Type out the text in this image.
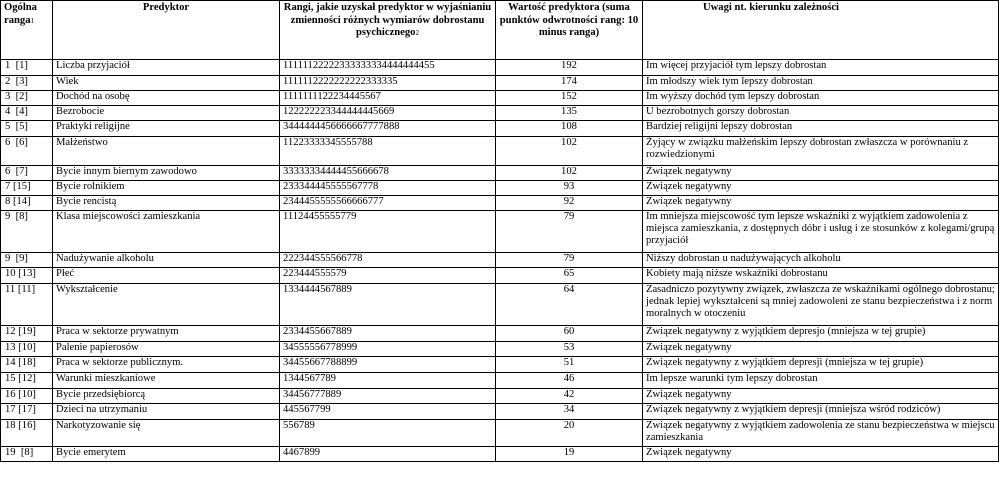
Ogólna ranga$^1$	Predyktor	Rangi, jakie uzyskał predyktor w wyjaśnianiu zmienności różnych wymiarów dobrostanu psychicznego$^2$	Wartość predyktora (suma punktów odwrotności rang: 10 minus ranga)	Uwagi nt. kierunku zależności
1  [1]	Liczba przyjaciół	11111122222333333334444444455	192	Im więcej przyjaciół tym lepszy dobrostan
2  [3]	Wiek	1111112222222222333335	174	Im młodszy wiek tym lepszy dobrostan
3  [2]	Dochód na osobę	1111111122234445567	152	Im wyższy dochód tym lepszy dobrostan
4  [4]	Bezrobocie	122222223344444445669	135	U bezrobotnych gorszy dobrostan
5  [5]	Praktyki religijne	3444444456666667777888	108	Bardziej religijni lepszy dobrostan
6  [6]	Małżeństwo	11223333345555788	102	Żyjący w związku małżeńskim lepszy dobrostan zwłaszcza w porównaniu z rozwiedzionymi
6  [7]	Bycie innym biernym zawodowo	33333334444455666678	102	Związek negatywny
7 [15]	Bycie rolnikiem	233344445555567778	93	Związek negatywny
8 [14]	Bycie rencistą	2344455555566666777	92	Związek negatywny
9  [8]	Klasa miejscowości zamieszkania	11124455555779	79	Im mniejsza miejscowość tym lepsze wskaźniki z wyjątkiem zadowolenia z miejsca zamieszkania, z dostępnych dóbr i usług i ze stosunków z kolegami/grupą przyjaciół
9  [9]	Nadużywanie alkoholu	222344555566778	79	Niższy dobrostan u nadużywających alkoholu
10 [13]	Płeć	223444555579	65	Kobiety mają niższe wskaźniki dobrostanu
11 [11]	Wykształcenie	1334444567889	64	Zasadniczo pozytywny związek, zwłaszcza ze wskaźnikami ogólnego dobrostanu; jednak lepiej wykształceni są mniej zadowoleni ze stanu bezpieczeństwa i z norm moralnych w otoczeniu
12 [19]	Praca w sektorze prywatnym	2334455667889	60	Związek negatywny z wyjątkiem depresjo (mniejsza w tej grupie)
13 [10]	Palenie papierosów	34555556778999	53	Związek negatywny
14 [18]	Praca w sektorze publicznym.	34455667788899	51	Związek negatywny z wyjątkiem depresji (mniejsza w tej grupie)
15 [12]	Warunki mieszkaniowe	1344567789	46	Im lepsze warunki tym lepszy dobrostan
16 [10]	Bycie przedsiębiorcą	34456777889	42	Związek negatywny
17 [17]	Dzieci na utrzymaniu	445567799	34	Związek negatywny z wyjątkiem depresji (mniejsza wśród rodziców)
18 [16]	Narkotyzowanie się	556789	20	Związek negatywny z wyjątkiem zadowolenia ze stanu bezpieczeństwa w miejscu zamieszkania
19  [8]	Bycie emerytem	4467899	19	Związek negatywny
